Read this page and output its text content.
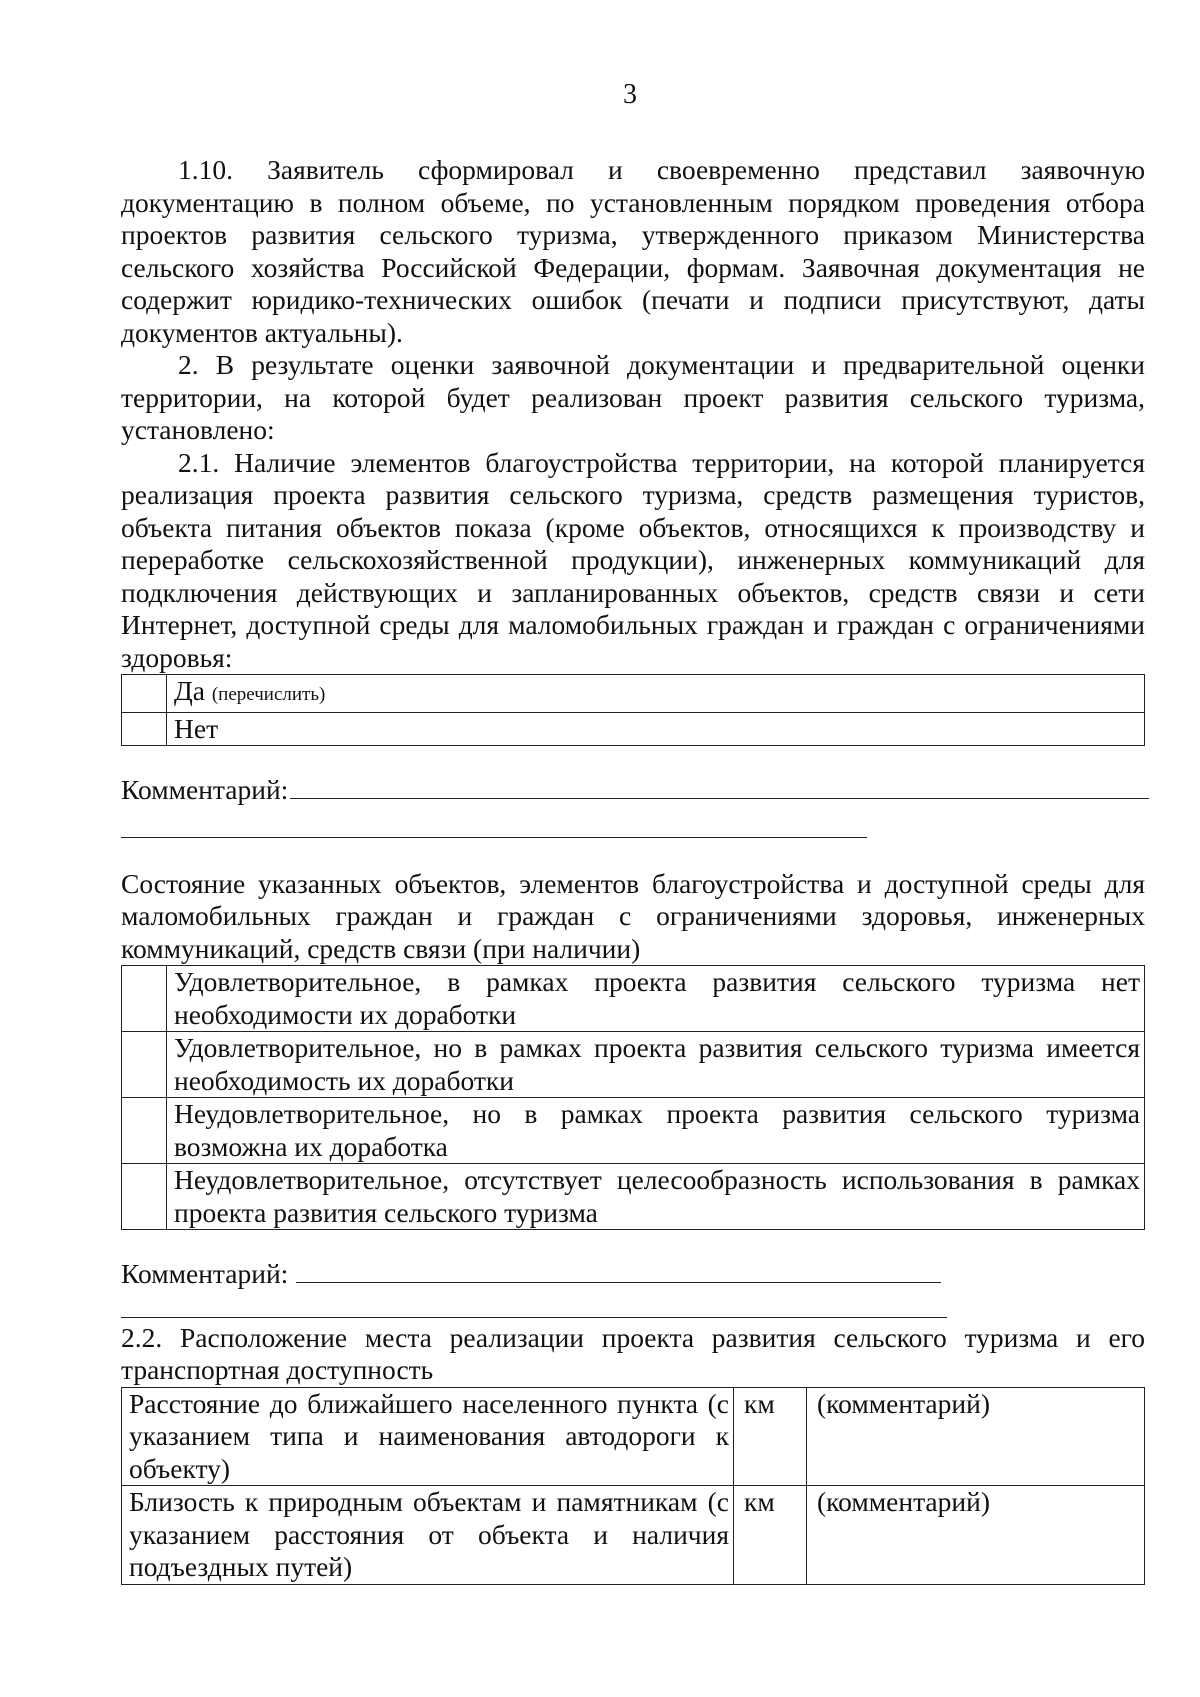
3

1.10. Заявитель сформировал и своевременно представил заявочную документацию в полном объеме, по установленным порядком проведения отбора проектов развития сельского туризма, утвержденного приказом Министерства сельского хозяйства Российской Федерации, формам. Заявочная документация не содержит юридико-технических ошибок (печати и подписи присутствуют, даты документов актуальны).

2. В результате оценки заявочной документации и предварительной оценки территории, на которой будет реализован проект развития сельского туризма, установлено:

2.1. Наличие элементов благоустройства территории, на которой планируется реализация проекта развития сельского туризма, средств размещения туристов, объекта питания объектов показа (кроме объектов, относящихся к производству и переработке сельскохозяйственной продукции), инженерных коммуникаций для подключения действующих и запланированных объектов, средств связи и сети Интернет, доступной среды для маломобильных граждан и граждан с ограничениями здоровья:

	Да (перечислить)
	Нет
Комментарий:

Состояние указанных объектов, элементов благоустройства и доступной среды для маломобильных граждан и граждан с ограничениями здоровья, инженерных коммуникаций, средств связи (при наличии)

	Удовлетворительное, в рамках проекта развития сельского туризма нет необходимости их доработки
	Удовлетворительное, но в рамках проекта развития сельского туризма имеется необходимость их доработки
	Неудовлетворительное, но в рамках проекта развития сельского туризма возможна их доработка
	Неудовлетворительное, отсутствует целесообразность использования в рамках проекта развития сельского туризма
Комментарий:

2.2. Расположение места реализации проекта развития сельского туризма и его транспортная доступность

Расстояние до ближайшего населенного пункта (с указанием типа и наименования автодороги к объекту)	км	(комментарий)
Близость к природным объектам и памятникам (с указанием расстояния от объекта и наличия подъездных путей)	км	(комментарий)
